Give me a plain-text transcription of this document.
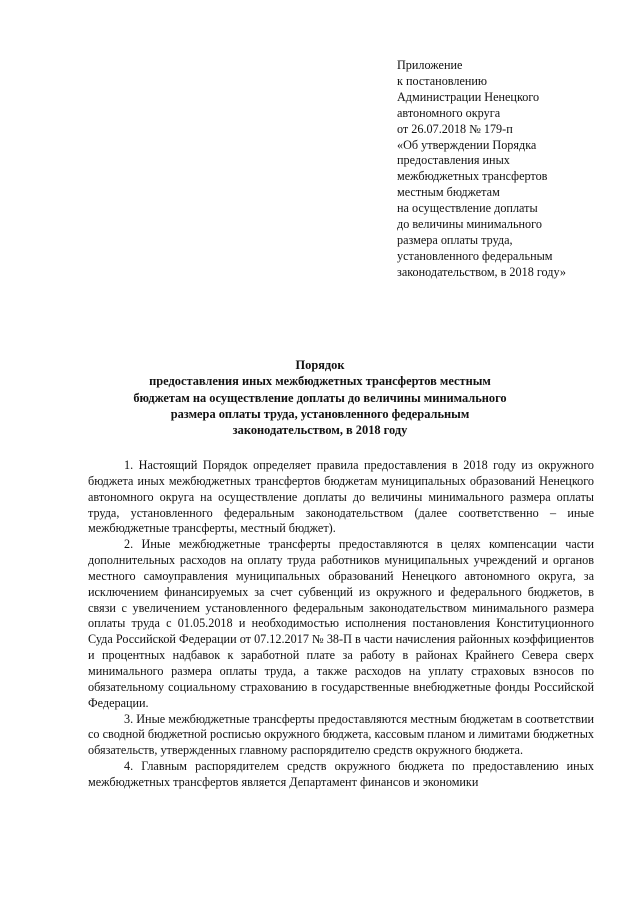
Приложение
к постановлению
Администрации Ненецкого
автономного округа
от 26.07.2018 № 179-п
«Об утверждении Порядка
предоставления иных
межбюджетных трансфертов
местным бюджетам
на осуществление доплаты
до величины минимального
размера оплаты труда,
установленного федеральным
законодательством, в 2018 году»
Порядок
предоставления иных межбюджетных трансфертов местным
бюджетам на осуществление доплаты до величины минимального
размера оплаты труда, установленного федеральным
законодательством, в 2018 году

1. Настоящий Порядок определяет правила предоставления в 2018 году из окружного бюджета иных межбюджетных трансфертов бюджетам муниципальных образований Ненецкого автономного округа на осуществление доплаты до величины минимального размера оплаты труда, установленного федеральным законодательством (далее соответственно – иные межбюджетные трансферты, местный бюджет).

2. Иные межбюджетные трансферты предоставляются в целях компенсации части дополнительных расходов на оплату труда работников муниципальных учреждений и органов местного самоуправления муниципальных образований Ненецкого автономного округа, за исключением финансируемых за счет субвенций из окружного и федерального бюджетов, в связи с увеличением установленного федеральным законодательством минимального размера оплаты труда с 01.05.2018 и необходимостью исполнения постановления Конституционного Суда Российской Федерации от 07.12.2017 № 38-П в части начисления районных коэффициентов и процентных надбавок к заработной плате за работу в районах Крайнего Севера сверх минимального размера оплаты труда, а также расходов на уплату страховых взносов по обязательному социальному страхованию в государственные внебюджетные фонды Российской Федерации.

3. Иные межбюджетные трансферты предоставляются местным бюджетам в соответствии со сводной бюджетной росписью окружного бюджета, кассовым планом и лимитами бюджетных обязательств, утвержденных главному распорядителю средств окружного бюджета.

4. Главным распорядителем средств окружного бюджета по предоставлению иных межбюджетных трансфертов является Департамент финансов и экономики
